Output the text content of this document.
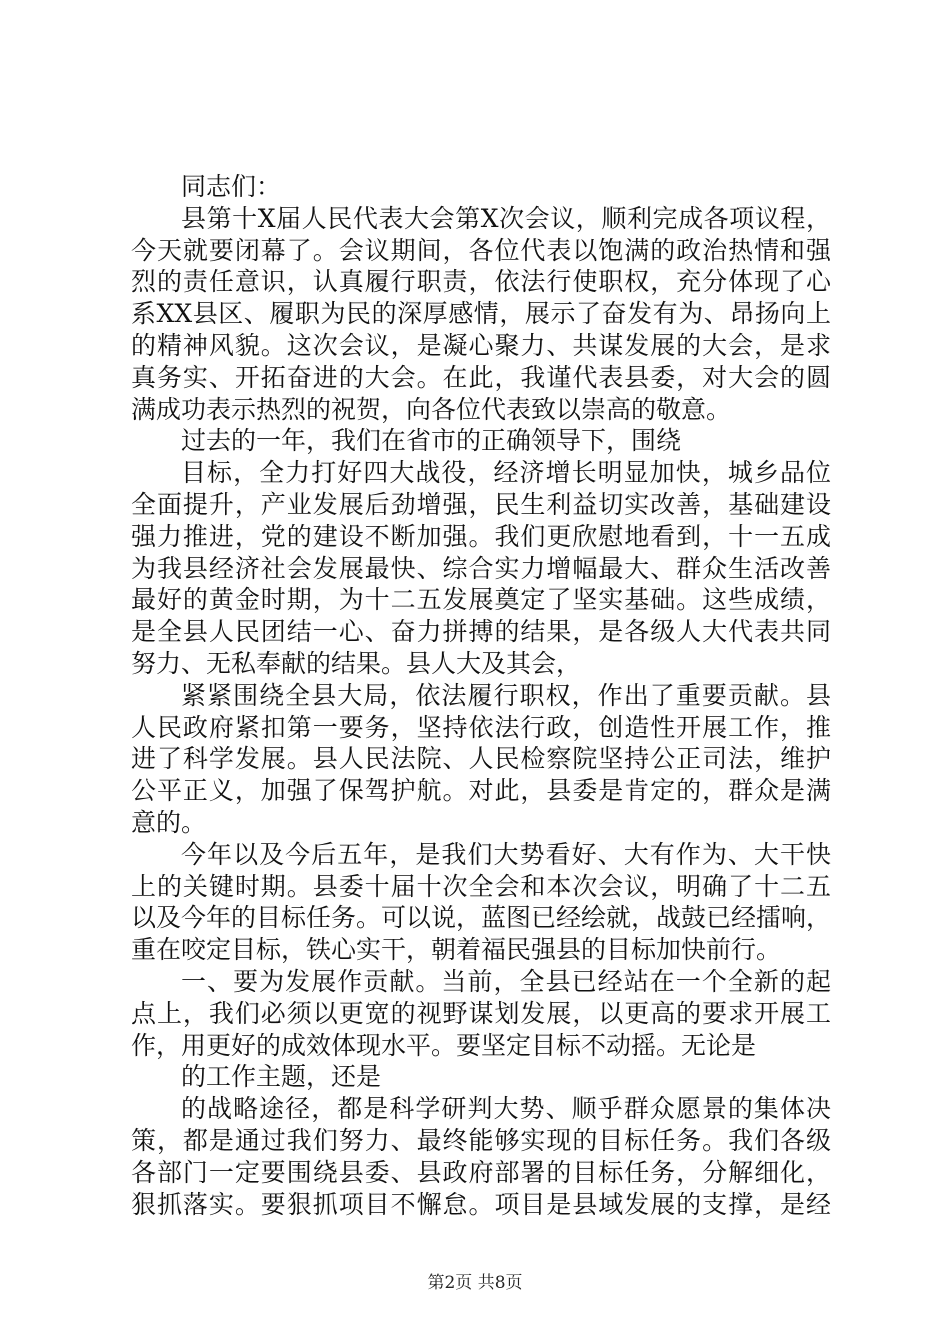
同志们：
县第十X届人民代表大会第X次会议，顺利完成各项议程，
今天就要闭幕了。会议期间，各位代表以饱满的政治热情和强
烈的责任意识，认真履行职责，依法行使职权，充分体现了心
系XX县区、履职为民的深厚感情，展示了奋发有为、昂扬向上
的精神风貌。这次会议，是凝心聚力、共谋发展的大会，是求
真务实、开拓奋进的大会。在此，我谨代表县委，对大会的圆
满成功表示热烈的祝贺，向各位代表致以崇高的敬意。
过去的一年，我们在省市的正确领导下，围绕
目标，全力打好四大战役，经济增长明显加快，城乡品位
全面提升，产业发展后劲增强，民生利益切实改善，基础建设
强力推进，党的建设不断加强。我们更欣慰地看到，十一五成
为我县经济社会发展最快、综合实力增幅最大、群众生活改善
最好的黄金时期，为十二五发展奠定了坚实基础。这些成绩，
是全县人民团结一心、奋力拼搏的结果，是各级人大代表共同
努力、无私奉献的结果。县人大及其会，
紧紧围绕全县大局，依法履行职权，作出了重要贡献。县
人民政府紧扣第一要务，坚持依法行政，创造性开展工作，推
进了科学发展。县人民法院、人民检察院坚持公正司法，维护
公平正义，加强了保驾护航。对此，县委是肯定的，群众是满
意的。
今年以及今后五年，是我们大势看好、大有作为、大干快
上的关键时期。县委十届十次全会和本次会议，明确了十二五
以及今年的目标任务。可以说，蓝图已经绘就，战鼓已经擂响，
重在咬定目标，铁心实干，朝着福民强县的目标加快前行。
一、要为发展作贡献。当前，全县已经站在一个全新的起
点上，我们必须以更宽的视野谋划发展，以更高的要求开展工
作，用更好的成效体现水平。要坚定目标不动摇。无论是
的工作主题，还是
的战略途径，都是科学研判大势、顺乎群众愿景的集体决
策，都是通过我们努力、最终能够实现的目标任务。我们各级
各部门一定要围绕县委、县政府部署的目标任务，分解细化，
狠抓落实。要狠抓项目不懈怠。项目是县域发展的支撑，是经
第2页 共8页
